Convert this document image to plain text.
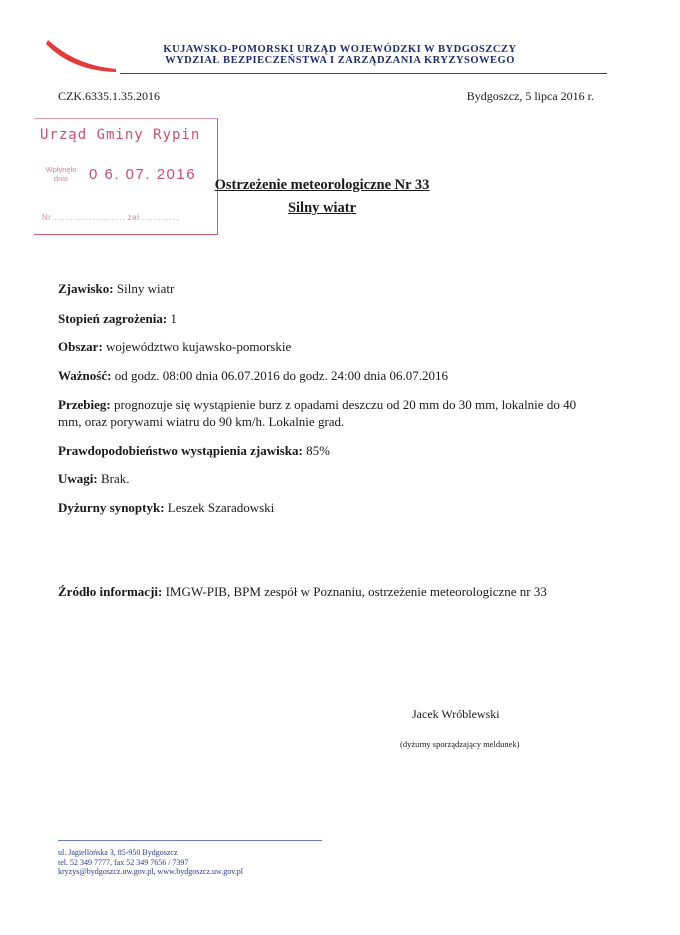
KUJAWSKO-POMORSKI URZĄD WOJEWÓDZKI W BYDGOSZCZY
WYDZIAŁ BEZPIECZEŃSTWA I ZARZĄDZANIA KRYZYSOWEGO
CZK.6335.1.35.2016	Bydgoszcz, 5 lipca 2016 r.
Urząd Gminy Rypin
Wpłynęło
dnia	0 6. 07. 2016
Nr .......................... zał ..............
Ostrzeżenie meteorologiczne Nr 33
Silny wiatr
Zjawisko: Silny wiatr
Stopień zagrożenia: 1
Obszar: województwo kujawsko-pomorskie
Ważność: od godz. 08:00 dnia 06.07.2016 do godz. 24:00 dnia 06.07.2016
Przebieg: prognozuje się wystąpienie burz z opadami deszczu od 20 mm do 30 mm, lokalnie do 40 mm, oraz porywami wiatru do 90 km/h. Lokalnie grad.
Prawdopodobieństwo wystąpienia zjawiska: 85%
Uwagi: Brak.
Dyżurny synoptyk: Leszek Szaradowski
Źródło informacji: IMGW-PIB, BPM zespół w Poznaniu, ostrzeżenie meteorologiczne nr 33
Jacek Wróblewski
(dyżurny sporządzający meldunek)
ul. Jagiellońska 3, 85-950 Bydgoszcz
tel. 52 349 7777, fax 52 349 7656 / 7397
kryzys@bydgoszcz.uw.gov.pl, www.bydgoszcz.uw.gov.pl
